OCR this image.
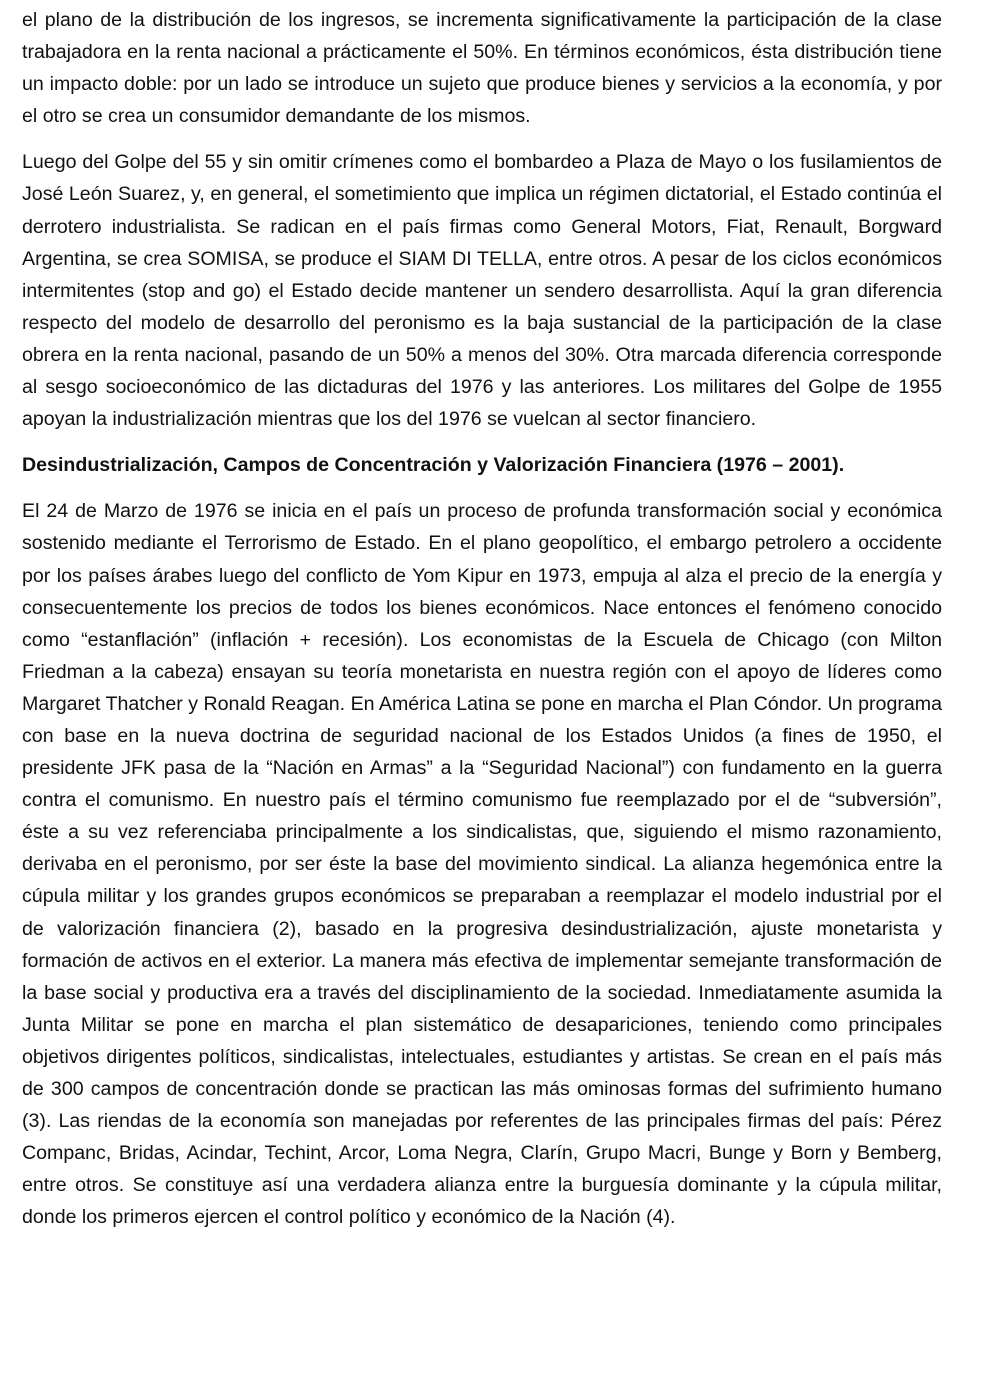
el plano de la distribución de los ingresos, se incrementa significativamente la participación de la clase trabajadora en la renta nacional a prácticamente el 50%. En términos económicos, ésta distribución tiene un impacto doble: por un lado se introduce un sujeto que produce bienes y servicios a la economía, y por el otro se crea un consumidor demandante de los mismos.

Luego del Golpe del 55 y sin omitir crímenes como el bombardeo a Plaza de Mayo o los fusilamientos de José León Suarez, y, en general, el sometimiento que implica un régimen dictatorial, el Estado continúa el derrotero industrialista. Se radican en el país firmas como General Motors, Fiat, Renault, Borgward Argentina, se crea SOMISA, se produce el SIAM DI TELLA, entre otros. A pesar de los ciclos económicos intermitentes (stop and go) el Estado decide mantener un sendero desarrollista. Aquí la gran diferencia respecto del modelo de desarrollo del peronismo es la baja sustancial de la participación de la clase obrera en la renta nacional, pasando de un 50% a menos del 30%. Otra marcada diferencia corresponde al sesgo socioeconómico de las dictaduras del 1976 y las anteriores. Los militares del Golpe de 1955 apoyan la industrialización mientras que los del 1976 se vuelcan al sector financiero.

Desindustrialización, Campos de Concentración y Valorización Financiera (1976 – 2001).

El 24 de Marzo de 1976 se inicia en el país un proceso de profunda transformación social y económica sostenido mediante el Terrorismo de Estado. En el plano geopolítico, el embargo petrolero a occidente por los países árabes luego del conflicto de Yom Kipur en 1973, empuja al alza el precio de la energía y consecuentemente los precios de todos los bienes económicos. Nace entonces el fenómeno conocido como “estanflación” (inflación + recesión). Los economistas de la Escuela de Chicago (con Milton Friedman a la cabeza) ensayan su teoría monetarista en nuestra región con el apoyo de líderes como Margaret Thatcher y Ronald Reagan. En América Latina se pone en marcha el Plan Cóndor. Un programa con base en la nueva doctrina de seguridad nacional de los Estados Unidos (a fines de 1950, el presidente JFK pasa de la “Nación en Armas” a la “Seguridad Nacional”) con fundamento en la guerra contra el comunismo. En nuestro país el término comunismo fue reemplazado por el de “subversión”, éste a su vez referenciaba principalmente a los sindicalistas, que, siguiendo el mismo razonamiento, derivaba en el peronismo, por ser éste la base del movimiento sindical. La alianza hegemónica entre la cúpula militar y los grandes grupos económicos se preparaban a reemplazar el modelo industrial por el de valorización financiera (2), basado en la progresiva desindustrialización, ajuste monetarista y formación de activos en el exterior. La manera más efectiva de implementar semejante transformación de la base social y productiva era a través del disciplinamiento de la sociedad. Inmediatamente asumida la Junta Militar se pone en marcha el plan sistemático de desapariciones, teniendo como principales objetivos dirigentes políticos, sindicalistas, intelectuales, estudiantes y artistas. Se crean en el país más de 300 campos de concentración donde se practican las más ominosas formas del sufrimiento humano (3). Las riendas de la economía son manejadas por referentes de las principales firmas del país: Pérez Companc, Bridas, Acindar, Techint, Arcor, Loma Negra, Clarín, Grupo Macri, Bunge y Born y Bemberg, entre otros. Se constituye así una verdadera alianza entre la burguesía dominante y la cúpula militar, donde los primeros ejercen el control político y económico de la Nación (4).
